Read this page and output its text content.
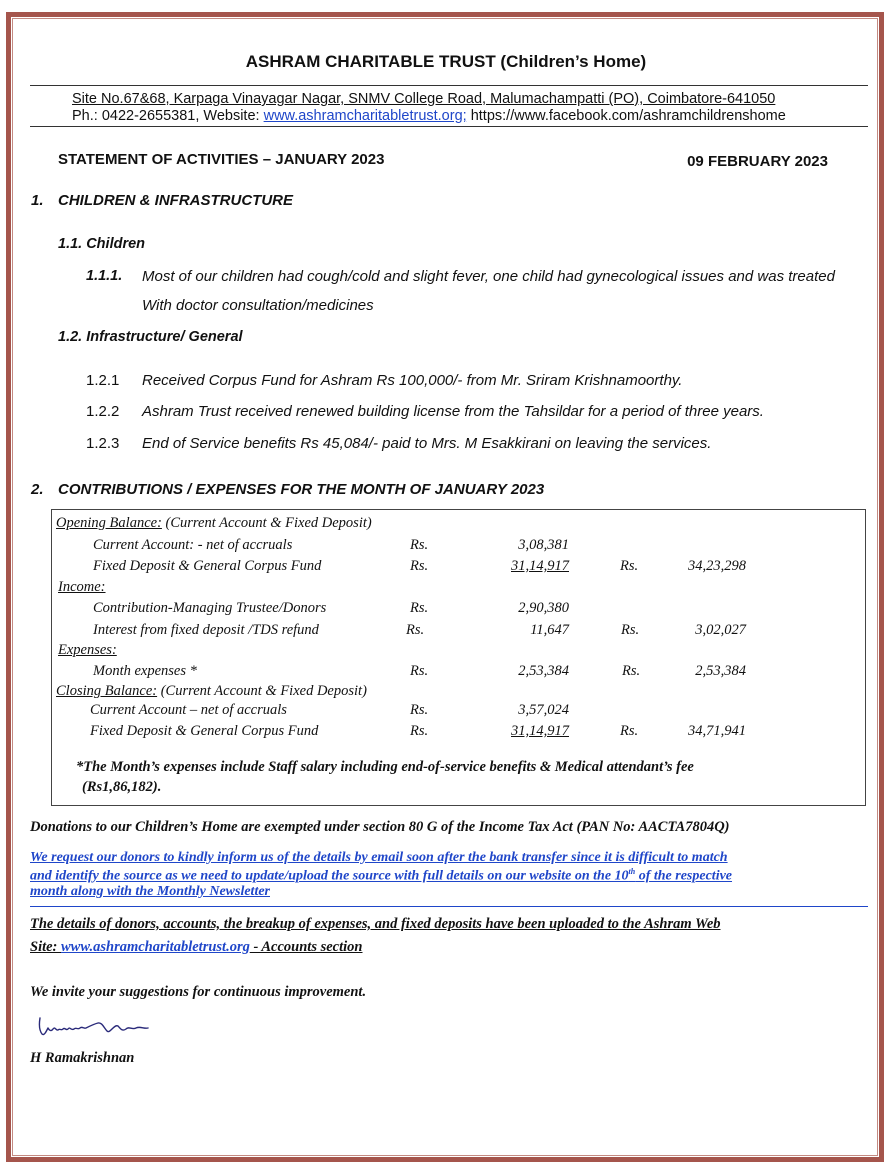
ASHRAM CHARITABLE TRUST (Children’s Home)
Site No.67&68, Karpaga Vinayagar Nagar, SNMV College Road, Malumachampatti (PO), Coimbatore-641050
Ph.: 0422-2655381, Website: www.ashramcharitabletrust.org; https://www.facebook.com/ashramchildrenshome
STATEMENT OF ACTIVITIES – JANUARY 2023	09 FEBRUARY 2023
1. CHILDREN & INFRASTRUCTURE
1.1. Children
1.1.1. Most of our children had cough/cold and slight fever, one child had gynecological issues and was treated
With doctor consultation/medicines
1.2. Infrastructure/ General
1.2.1 Received Corpus Fund for Ashram Rs 100,000/- from Mr. Sriram Krishnamoorthy.
1.2.2 Ashram Trust received renewed building license from the Tahsildar for a period of three years.
1.2.3 End of Service benefits Rs 45,084/- paid to Mrs. M Esakkirani on leaving the services.
2. CONTRIBUTIONS / EXPENSES FOR THE MONTH OF JANUARY 2023
Opening Balance: (Current Account & Fixed Deposit)
Current Account: - net of accruals	Rs.	3,08,381
Fixed Deposit & General Corpus Fund	Rs.	31,14,917	Rs.	34,23,298
Income:
Contribution-Managing Trustee/Donors	Rs.	2,90,380
Interest from fixed deposit /TDS refund	Rs.	11,647	Rs.	3,02,027
Expenses:
Month expenses *	Rs.	2,53,384	Rs.	2,53,384
Closing Balance: (Current Account & Fixed Deposit)
Current Account – net of accruals	Rs.	3,57,024
Fixed Deposit & General Corpus Fund	Rs.	31,14,917	Rs.	34,71,941
*The Month’s expenses include Staff salary including end-of-service benefits & Medical attendant’s fee
(Rs1,86,182).
Donations to our Children’s Home are exempted under section 80 G of the Income Tax Act (PAN No: AACTA7804Q)
We request our donors to kindly inform us of the details by email soon after the bank transfer since it is difficult to match
and identify the source as we need to update/upload the source with full details on our website on the 10th of the respective
month along with the Monthly Newsletter
The details of donors, accounts, the breakup of expenses, and fixed deposits have been uploaded to the Ashram Web
Site: www.ashramcharitabletrust.org - Accounts section
We invite your suggestions for continuous improvement.
H Ramakrishnan
